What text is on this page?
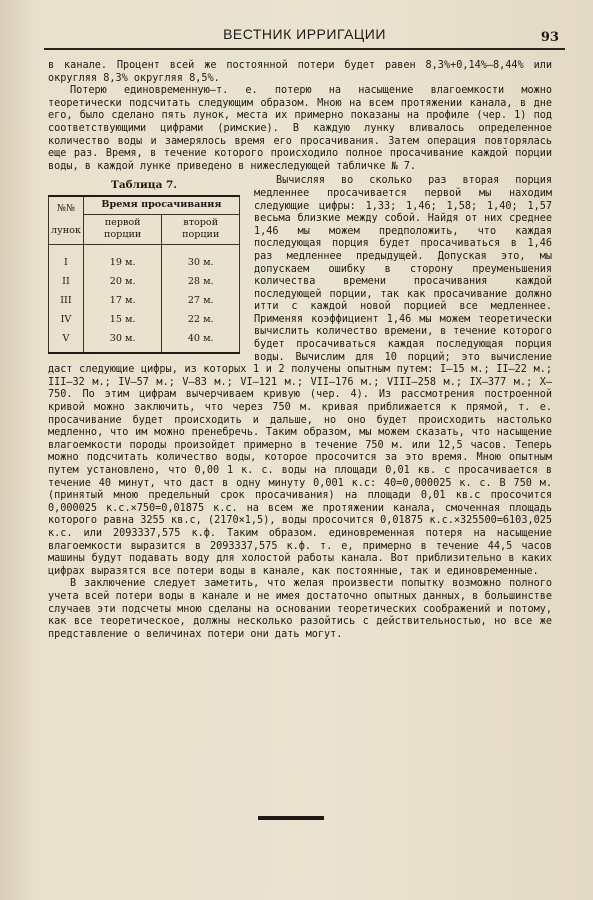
ВЕСТНИК ИРРИГАЦИИ	93

в канале. Процент всей же постоянной потери будет равен 8,3%+0,14%—8,44% или округляя 8,3% округляя 8,5%.

Потерю единовременную—т. е. потерю на насыщение влагоемкости можно теоретически подсчитать следующим образом. Мною на всем протяжении канала, в дне его, было сделано пять лунок, места их примерно показаны на профиле (чер. 1) под соответствующими цифрами (римские). В каждую лунку вливалось определенное количество воды и замерялось время его просачивания. Затем операция повторялась еще раз. Время, в течение которого происходило полное просачивание каждой порции воды, в каждой лунке приведено в нижеследующей табличке № 7.

Таблица 7.
№№
лунок	Время просачивания	
	первой порции	второй порции
I	19 м.	30 м.
II	20 м.	28 м.
III	17 м.	27 м.
IV	15 м.	22 м.
V	30 м.	40 м.

Вычисляя во сколько раз вторая порция медленнее просачивается первой мы находим следующие цифры: 1,33; 1,46; 1,58; 1,40; 1,57 весьма близкие между собой. Найдя от них среднее 1,46 мы можем предположить, что каждая последующая порция будет просачиваться в 1,46 раз медленнее предыдущей. Допуская это, мы допускаем ошибку в сторону преуменьшения количества времени просачивания каждой последующей порции, так как просачивание должно итти с каждой новой порцией все медленнее. Применяя коэффициент 1,46 мы можем теоретически вычислить количество времени, в течение которого будет просачиваться каждая последующая порция воды. Вычислим для 10 порций; это вычисление даст следующие цифры, из которых 1 и 2 получены опытным путем: I—15 м.; II—22 м.; III—32 м.; IV—57 м.; V—83 м.; VI—121 м.; VII—176 м.; VIII—258 м.; IX—377 м.; X—750. По этим цифрам вычерчиваем кривую (чер. 4). Из рассмотрения построенной кривой можно заключить, что через 750 м. кривая приближается к прямой, т. е. просачивание будет происходить и дальше, но оно будет происходить настолько медленно, что им можно пренебречь. Таким образом, мы можем сказать, что насыщение влагоемкости породы произойдет примерно в течение 750 м. или 12,5 часов. Теперь можно подсчитать количество воды, которое просочится за это время. Мною опытным путем установлено, что 0,00 1 к. с. воды на площади 0,01 кв. с просачивается в течение 40 минут, что даст в одну минуту 0,001 к.с: 40=0,000025 к. с. В 750 м. (принятый мною предельный срок просачивания) на площади 0,01 кв.с просочится 0,000025 к.с.×750=0,01875 к.с. на всем же протяжении канала, смоченная площадь которого равна 3255 кв.с, (2170×1,5), воды просочится 0,01875 к.с.×325500=6103,025 к.с. или 2093337,575 к.ф. Таким образом. единовременная потеря на насыщение влагоемкости выразится в 2093337,575 к.ф. т. е, примерно в течение 44,5 часов машины будут подавать воду для холостой работы канала. Вот приблизительно в каких цифрах выразятся все потери воды в канале, как постоянные, так и единовременные.

В заключение следует заметить, что желая произвести попытку возможно полного учета всей потери воды в канале и не имея достаточно опытных данных, в большинстве случаев эти подсчеты мною сделаны на основании теоретических соображений и потому, как все теоретическое, должны несколько разойтись с действительностью, но все же представление о величинах потери они дать могут.
